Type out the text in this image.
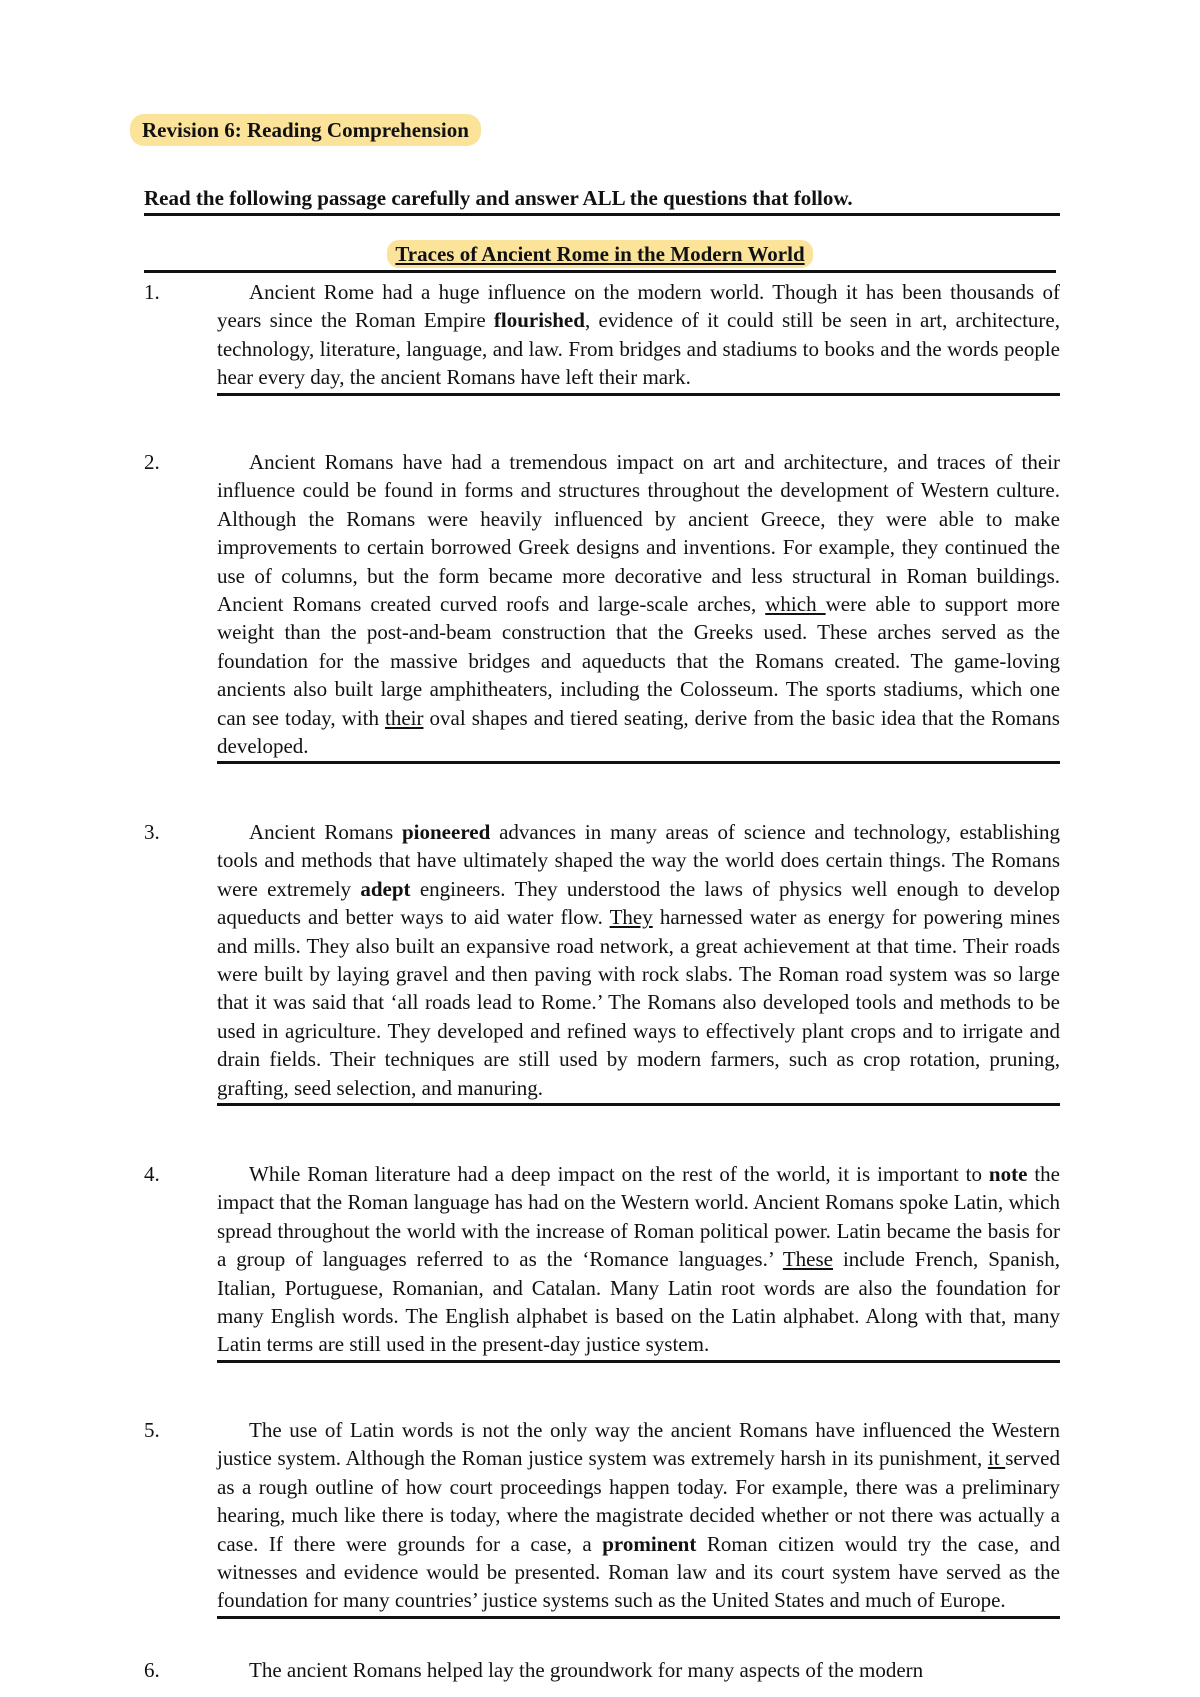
Revision 6: Reading Comprehension
Read the following passage carefully and answer ALL the questions that follow.
Traces of Ancient Rome in the Modern World
1.	Ancient Rome had a huge influence on the modern world. Though it has been thousands of years since the Roman Empire flourished, evidence of it could still be seen in art, architecture, technology, literature, language, and law. From bridges and stadiums to books and the words people hear every day, the ancient Romans have left their mark.
2.	Ancient Romans have had a tremendous impact on art and architecture, and traces of their influence could be found in forms and structures throughout the development of Western culture. Although the Romans were heavily influenced by ancient Greece, they were able to make improvements to certain borrowed Greek designs and inventions. For example, they continued the use of columns, but the form became more decorative and less structural in Roman buildings. Ancient Romans created curved roofs and large-scale arches, which were able to support more weight than the post-and-beam construction that the Greeks used. These arches served as the foundation for the massive bridges and aqueducts that the Romans created. The game-loving ancients also built large amphitheaters, including the Colosseum. The sports stadiums, which one can see today, with their oval shapes and tiered seating, derive from the basic idea that the Romans developed.
3.	Ancient Romans pioneered advances in many areas of science and technology, establishing tools and methods that have ultimately shaped the way the world does certain things. The Romans were extremely adept engineers. They understood the laws of physics well enough to develop aqueducts and better ways to aid water flow. They harnessed water as energy for powering mines and mills. They also built an expansive road network, a great achievement at that time. Their roads were built by laying gravel and then paving with rock slabs. The Roman road system was so large that it was said that ‘all roads lead to Rome.’ The Romans also developed tools and methods to be used in agriculture. They developed and refined ways to effectively plant crops and to irrigate and drain fields. Their techniques are still used by modern farmers, such as crop rotation, pruning, grafting, seed selection, and manuring.
4.	While Roman literature had a deep impact on the rest of the world, it is important to note the impact that the Roman language has had on the Western world. Ancient Romans spoke Latin, which spread throughout the world with the increase of Roman political power. Latin became the basis for a group of languages referred to as the ‘Romance languages.’ These include French, Spanish, Italian, Portuguese, Romanian, and Catalan. Many Latin root words are also the foundation for many English words. The English alphabet is based on the Latin alphabet. Along with that, many Latin terms are still used in the present-day justice system.
5.	The use of Latin words is not the only way the ancient Romans have influenced the Western justice system. Although the Roman justice system was extremely harsh in its punishment, it served as a rough outline of how court proceedings happen today. For example, there was a preliminary hearing, much like there is today, where the magistrate decided whether or not there was actually a case. If there were grounds for a case, a prominent Roman citizen would try the case, and witnesses and evidence would be presented. Roman law and its court system have served as the foundation for many countries’ justice systems such as the United States and much of Europe.
6.	The ancient Romans helped lay the groundwork for many aspects of the modern
